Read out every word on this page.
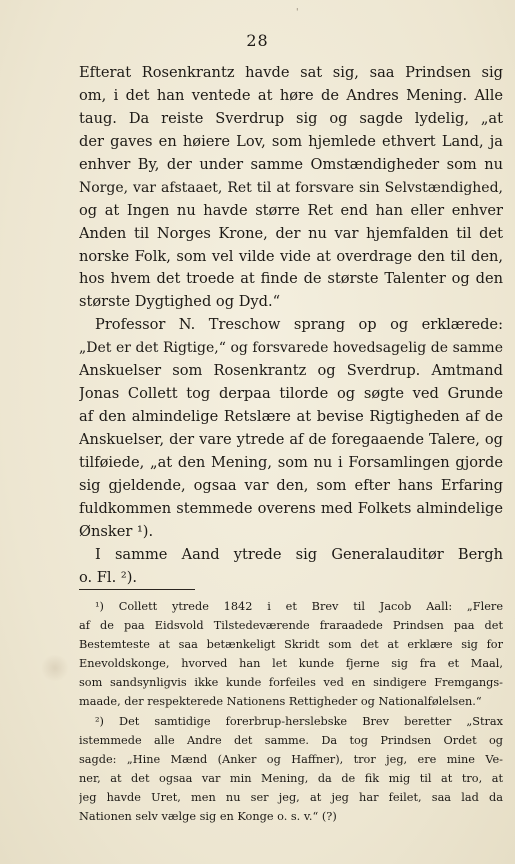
'
28
Efterat Rosenkrantz havde sat sig, saa Prindsen sig
om, i det han ventede at høre de Andres Mening. Alle
taug. Da reiste Sverdrup sig og sagde lydelig, „at
der gaves en høiere Lov, som hjemlede ethvert Land, ja
enhver By, der under samme Omstændigheder som nu
Norge, var afstaaet, Ret til at forsvare sin Selvstændighed,
og at Ingen nu havde større Ret end han eller enhver
Anden til Norges Krone, der nu var hjemfalden til det
norske Folk, som vel vilde vide at overdrage den til den,
hos hvem det troede at finde de største Talenter og den
største Dygtighed og Dyd.“
Professor N. Treschow sprang op og erklærede:
„Det er det Rigtige,“ og forsvarede hovedsagelig de samme
Anskuelser som Rosenkrantz og Sverdrup. Amtmand
Jonas Collett tog derpaa tilorde og søgte ved Grunde
af den almindelige Retslære at bevise Rigtigheden af de
Anskuelser, der vare ytrede af de foregaaende Talere, og
tilføiede, „at den Mening, som nu i Forsamlingen gjorde
sig gjeldende, ogsaa var den, som efter hans Erfaring
fuldkommen stemmede overens med Folkets almindelige
Ønsker ¹).
I samme Aand ytrede sig Generalauditør Bergh
o. Fl. ²).
¹) Collett ytrede 1842 i et Brev til Jacob Aall: „Flere
af de paa Eidsvold Tilstedeværende fraraadede Prindsen paa det
Bestemteste at saa betænkeligt Skridt som det at erklære sig for
Enevoldskonge, hvorved han let kunde fjerne sig fra et Maal,
som sandsynligvis ikke kunde forfeiles ved en sindigere Fremgangs-
maade, der respekterede Nationens Rettigheder og Nationalfølelsen.“
²) Det samtidige forerbrup-herslebske Brev beretter „Strax
istemmede alle Andre det samme. Da tog Prindsen Ordet og
sagde: „Hine Mænd (Anker og Haffner), tror jeg, ere mine Ve-
ner, at det ogsaa var min Mening, da de fik mig til at tro, at
jeg havde Uret, men nu ser jeg, at jeg har feilet, saa lad da
Nationen selv vælge sig en Konge o. s. v.“ (?)
